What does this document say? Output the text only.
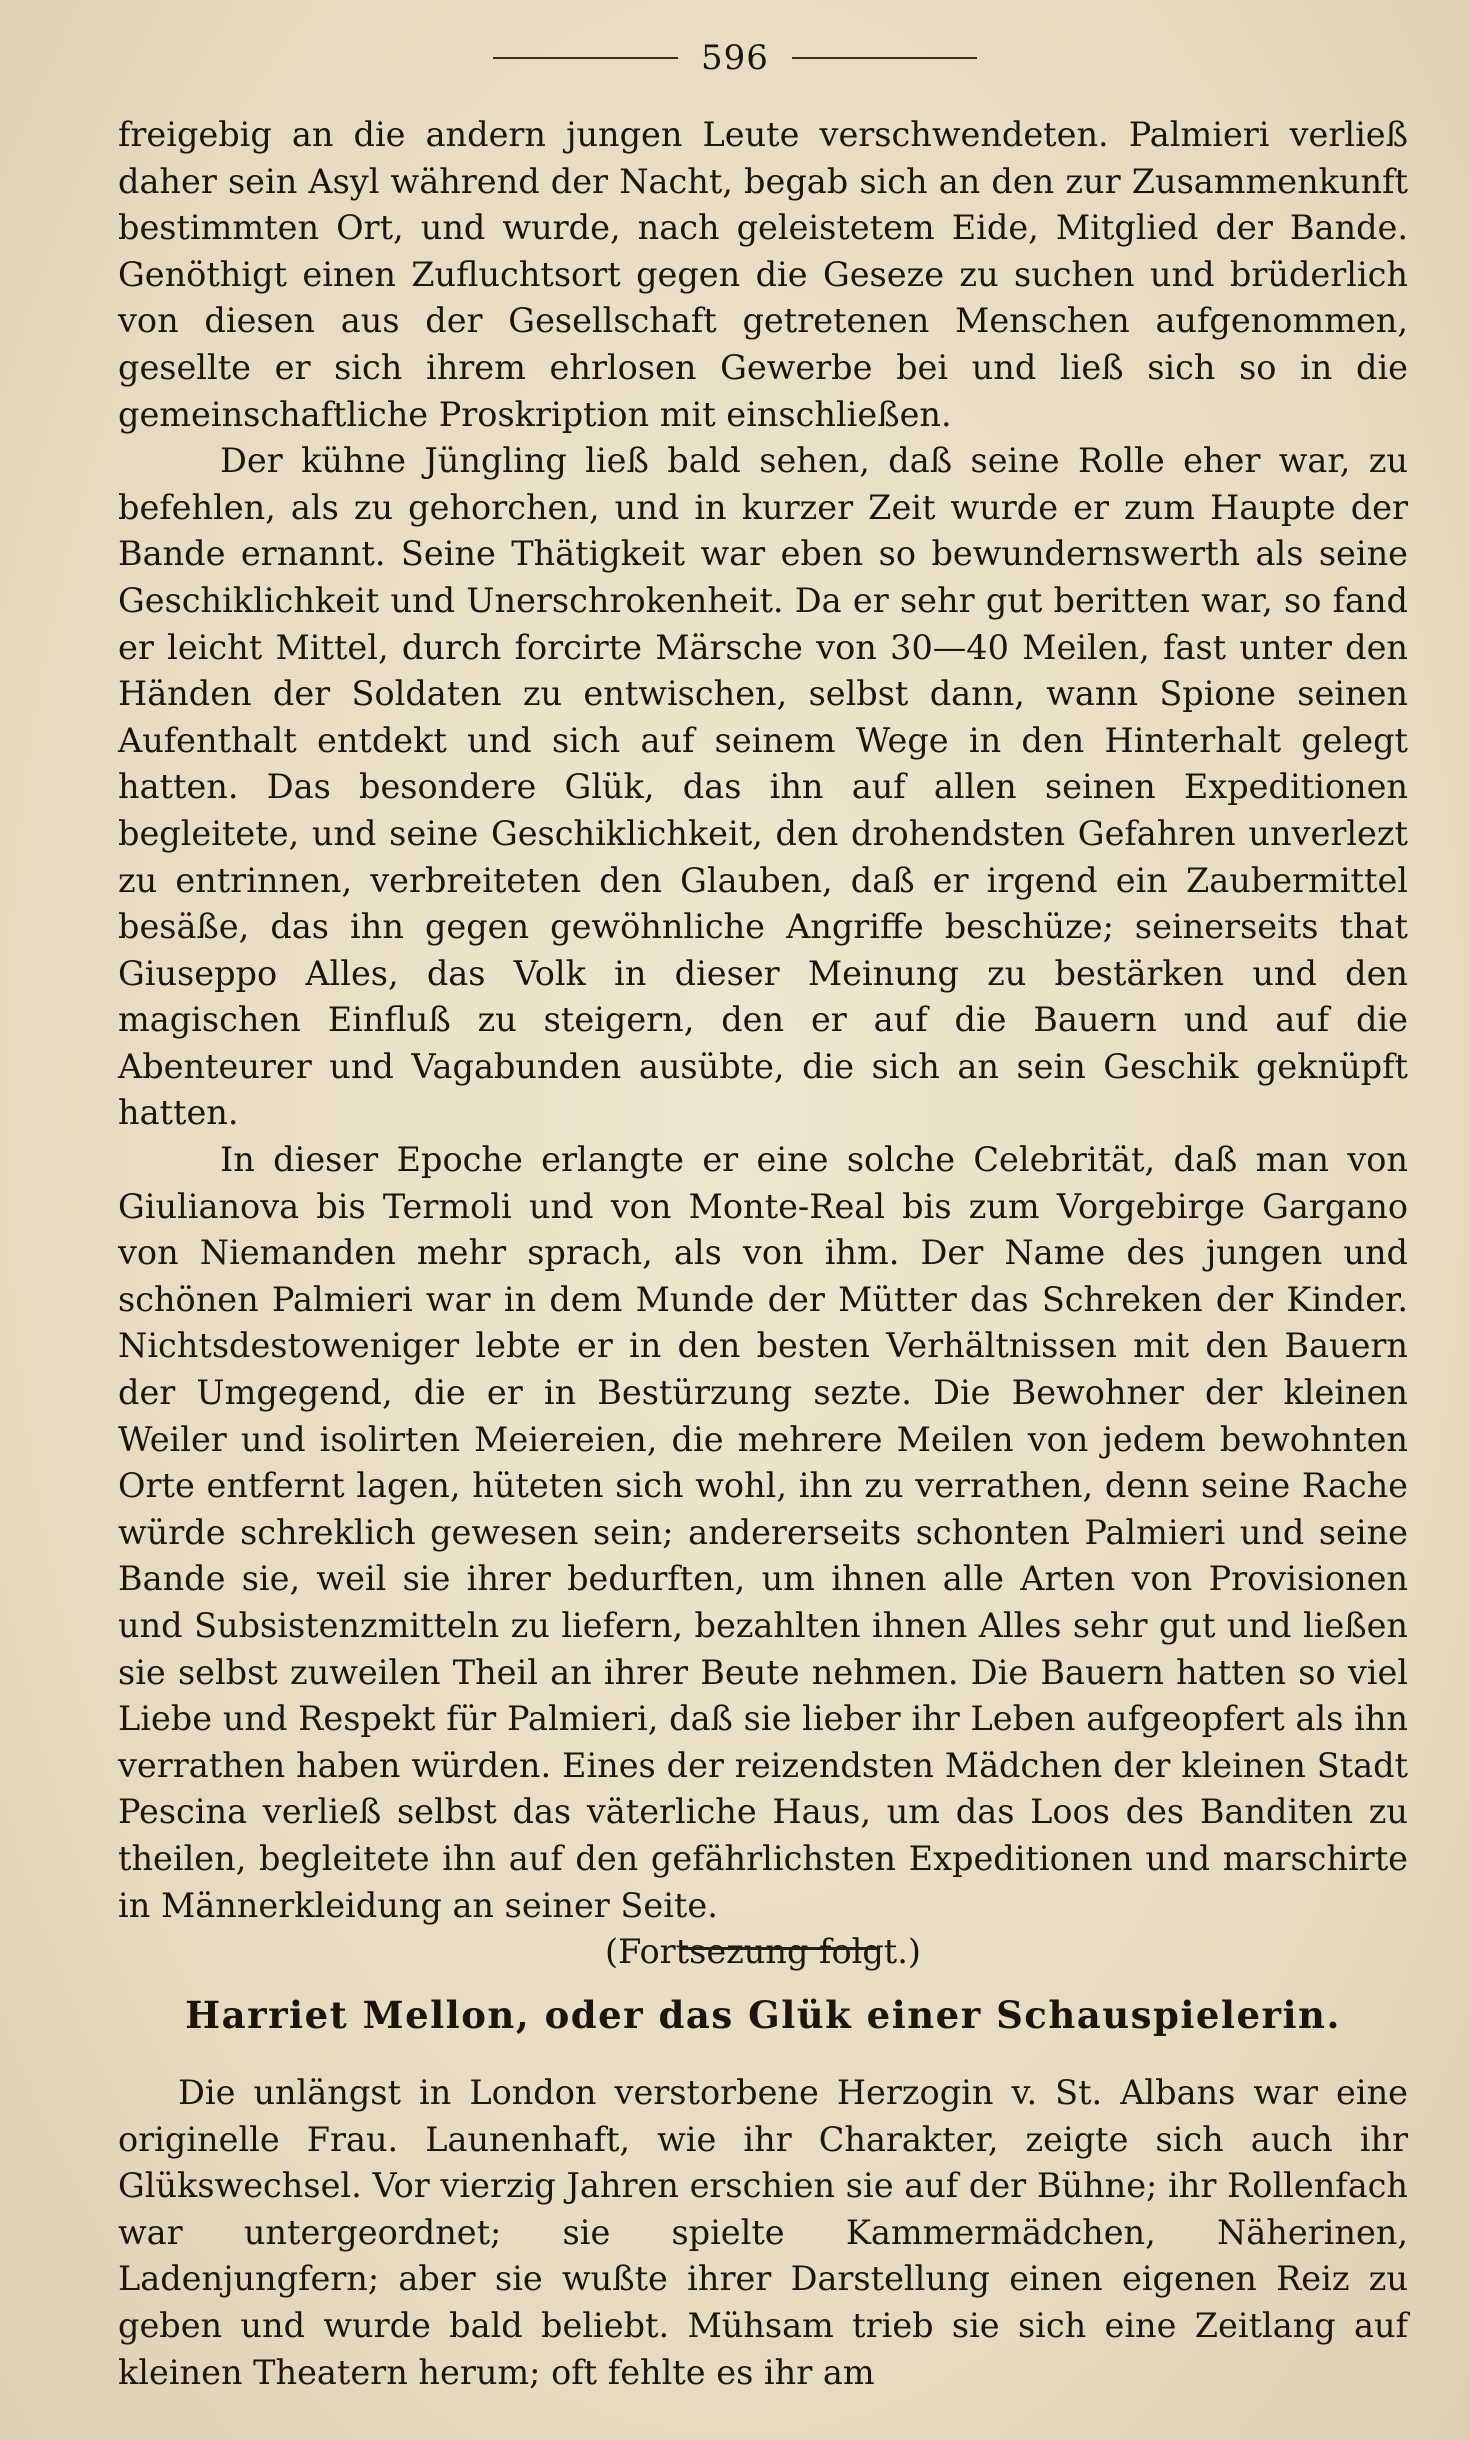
596

freigebig an die andern jungen Leute verschwendeten. Palmieri verließ daher sein Asyl während der Nacht, begab sich an den zur Zusammenkunft bestimmten Ort, und wurde, nach geleistetem Eide, Mitglied der Bande. Genöthigt einen Zufluchtsort gegen die Geseze zu suchen und brüderlich von diesen aus der Gesellschaft getretenen Menschen aufgenommen, gesellte er sich ihrem ehrlosen Gewerbe bei und ließ sich so in die gemeinschaftliche Proskription mit einschließen.

Der kühne Jüngling ließ bald sehen, daß seine Rolle eher war, zu befehlen, als zu gehorchen, und in kurzer Zeit wurde er zum Haupte der Bande ernannt. Seine Thätigkeit war eben so bewundernswerth als seine Geschiklichkeit und Unerschrokenheit. Da er sehr gut beritten war, so fand er leicht Mittel, durch forcirte Märsche von 30—40 Meilen, fast unter den Händen der Soldaten zu entwischen, selbst dann, wann Spione seinen Aufenthalt entdekt und sich auf seinem Wege in den Hinterhalt gelegt hatten. Das besondere Glük, das ihn auf allen seinen Expeditionen begleitete, und seine Geschiklichkeit, den drohendsten Gefahren unverlezt zu entrinnen, verbreiteten den Glauben, daß er irgend ein Zaubermittel besäße, das ihn gegen gewöhnliche Angriffe beschüze; seinerseits that Giuseppo Alles, das Volk in dieser Meinung zu bestärken und den magischen Einfluß zu steigern, den er auf die Bauern und auf die Abenteurer und Vagabunden ausübte, die sich an sein Geschik geknüpft hatten.

In dieser Epoche erlangte er eine solche Celebrität, daß man von Giulianova bis Termoli und von Monte-Real bis zum Vorgebirge Gargano von Niemanden mehr sprach, als von ihm. Der Name des jungen und schönen Palmieri war in dem Munde der Mütter das Schreken der Kinder. Nichtsdestoweniger lebte er in den besten Verhältnissen mit den Bauern der Umgegend, die er in Bestürzung sezte. Die Bewohner der kleinen Weiler und isolirten Meiereien, die mehrere Meilen von jedem bewohnten Orte entfernt lagen, hüteten sich wohl, ihn zu verrathen, denn seine Rache würde schreklich gewesen sein; andererseits schonten Palmieri und seine Bande sie, weil sie ihrer bedurften, um ihnen alle Arten von Provisionen und Subsistenzmitteln zu liefern, bezahlten ihnen Alles sehr gut und ließen sie selbst zuweilen Theil an ihrer Beute nehmen. Die Bauern hatten so viel Liebe und Respekt für Palmieri, daß sie lieber ihr Leben aufgeopfert als ihn verrathen haben würden. Eines der reizendsten Mädchen der kleinen Stadt Pescina verließ selbst das väterliche Haus, um das Loos des Banditen zu theilen, begleitete ihn auf den gefährlichsten Expeditionen und marschirte in Männerkleidung an seiner Seite.

(Fortsezung folgt.)
Harriet Mellon, oder das Glük einer Schauspielerin.

Die unlängst in London verstorbene Herzogin v. St. Albans war eine originelle Frau. Launenhaft, wie ihr Charakter, zeigte sich auch ihr Glükswechsel. Vor vierzig Jahren erschien sie auf der Bühne; ihr Rollenfach war untergeordnet; sie spielte Kammermädchen, Näherinen, Ladenjungfern; aber sie wußte ihrer Darstellung einen eigenen Reiz zu geben und wurde bald beliebt. Mühsam trieb sie sich eine Zeitlang auf kleinen Theatern herum; oft fehlte es ihr am
